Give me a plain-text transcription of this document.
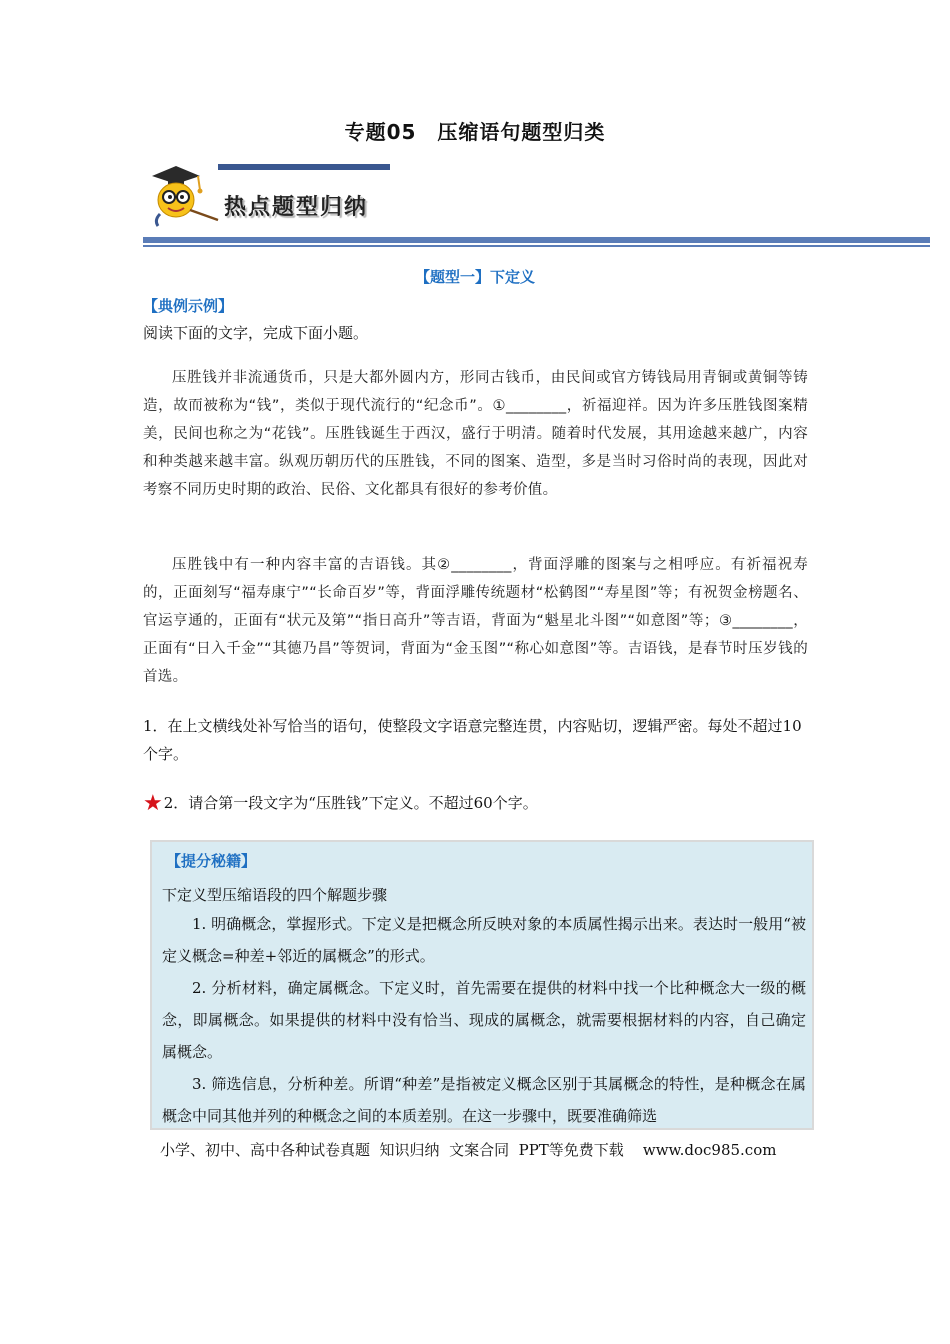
专题05　压缩语句题型归类
热点题型归纳
【题型一】下定义
【典例示例】
阅读下面的文字，完成下面小题。
压胜钱并非流通货币，只是大都外圆内方，形同古钱币，由民间或官方铸钱局用青铜或黄铜等铸造，故而被称为“钱”，类似于现代流行的“纪念币”。①________，祈福迎祥。因为许多压胜钱图案精美，民间也称之为“花钱”。压胜钱诞生于西汉，盛行于明清。随着时代发展，其用途越来越广，内容和种类越来越丰富。纵观历朝历代的压胜钱，不同的图案、造型，多是当时习俗时尚的表现，因此对考察不同历史时期的政治、民俗、文化都具有很好的参考价值。
压胜钱中有一种内容丰富的吉语钱。其②________，背面浮雕的图案与之相呼应。有祈福祝寿的，正面刻写“福寿康宁”“长命百岁”等，背面浮雕传统题材“松鹤图”“寿星图”等；有祝贺金榜题名、官运亨通的，正面有“状元及第”“指日高升”等吉语，背面为“魁星北斗图”“如意图”等；③________，正面有“日入千金”“其德乃昌”等贺词，背面为“金玉图”“称心如意图”等。吉语钱，是春节时压岁钱的首选。
1．在上文横线处补写恰当的语句，使整段文字语意完整连贯，内容贴切，逻辑严密。每处不超过10个字。
★2．请合第一段文字为“压胜钱”下定义。不超过60个字。
【提分秘籍】
下定义型压缩语段的四个解题步骤

1. 明确概念，掌握形式。下定义是把概念所反映对象的本质属性揭示出来。表达时一般用“被定义概念=种差+邻近的属概念”的形式。

2. 分析材料，确定属概念。下定义时，首先需要在提供的材料中找一个比种概念大一级的概念，即属概念。如果提供的材料中没有恰当、现成的属概念，就需要根据材料的内容，自己确定属概念。

3. 筛选信息，分析种差。所谓“种差”是指被定义概念区别于其属概念的特性，是种概念在属概念中同其他并列的种概念之间的本质差别。在这一步骤中，既要准确筛选

小学、初中、高中各种试卷真题  知识归纳  文案合同  PPT等免费下载    www.doc985.com
